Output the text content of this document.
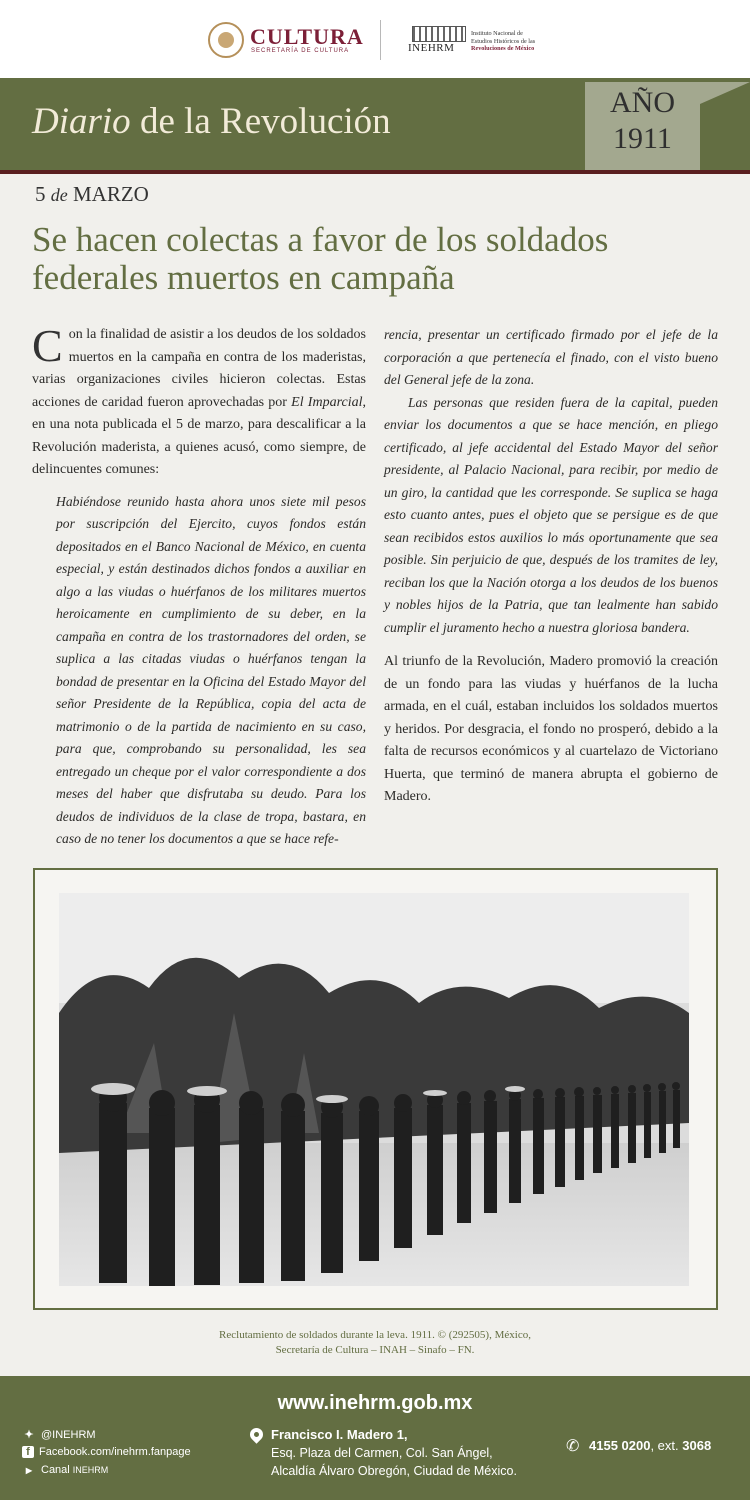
CULTURA
SECRETARÍA DE CULTURA	INEHRM
Instituto Nacional de
Estudios Históricos de las
Revoluciones de México
Diario de la Revolución	AÑO
1911
5 de MARZO
Se hacen colectas a favor de los soldados federales muertos en campaña

Con la finalidad de asistir a los deudos de los soldados muertos en la campaña en contra de los maderistas, varias organizaciones civiles hicieron colectas. Estas acciones de caridad fueron aprovechadas por El Imparcial, en una nota publicada el 5 de marzo, para descalificar a la Revolución maderista, a quienes acusó, como siempre, de delincuentes comunes:

Habiéndose reunido hasta ahora unos siete mil pesos por suscripción del Ejercito, cuyos fondos están depositados en el Banco Nacional de México, en cuenta especial, y están destinados dichos fondos a auxiliar en algo a las viudas o huérfanos de los militares muertos heroicamente en cumplimiento de su deber, en la campaña en contra de los trastornadores del orden, se suplica a las citadas viudas o huérfanos tengan la bondad de presentar en la Oficina del Estado Mayor del señor Presidente de la República, copia del acta de matrimonio o de la partida de nacimiento en su caso, para que, comprobando su personalidad, les sea entregado un cheque por el valor correspondiente a dos meses del haber que disfrutaba su deudo. Para los deudos de individuos de la clase de tropa, bastara, en caso de no tener los documentos a que se hace refe-

rencia, presentar un certificado firmado por el jefe de la corporación a que pertenecía el finado, con el visto bueno del General jefe de la zona.

Las personas que residen fuera de la capital, pueden enviar los documentos a que se hace mención, en pliego certificado, al jefe accidental del Estado Mayor del señor presidente, al Palacio Nacional, para recibir, por medio de un giro, la cantidad que les corresponde. Se suplica se haga esto cuanto antes, pues el objeto que se persigue es de que sean recibidos estos auxilios lo más oportunamente que sea posible. Sin perjuicio de que, después de los tramites de ley, reciban los que la Nación otorga a los deudos de los buenos y nobles hijos de la Patria, que tan lealmente han sabido cumplir el juramento hecho a nuestra gloriosa bandera.

Al triunfo de la Revolución, Madero promovió la creación de un fondo para las viudas y huérfanos de la lucha armada, en el cuál, estaban incluidos los soldados muertos y heridos. Por desgracia, el fondo no prosperó, debido a la falta de recursos económicos y al cuartelazo de Victoriano Huerta, que terminó de manera abrupta el gobierno de Madero.

Reclutamiento de soldados durante la leva. 1911. © (292505), México,
Secretaría de Cultura – INAH – Sinafo – FN.
www.inehrm.gob.mx
✦ @INEHRM
f Facebook.com/inehrm.fanpage
▶ Canal INEHRM
Francisco I. Madero 1,
Esq. Plaza del Carmen, Col. San Ángel,
Alcaldía Álvaro Obregón, Ciudad de México.
✆ 4155 0200, ext. 3068
